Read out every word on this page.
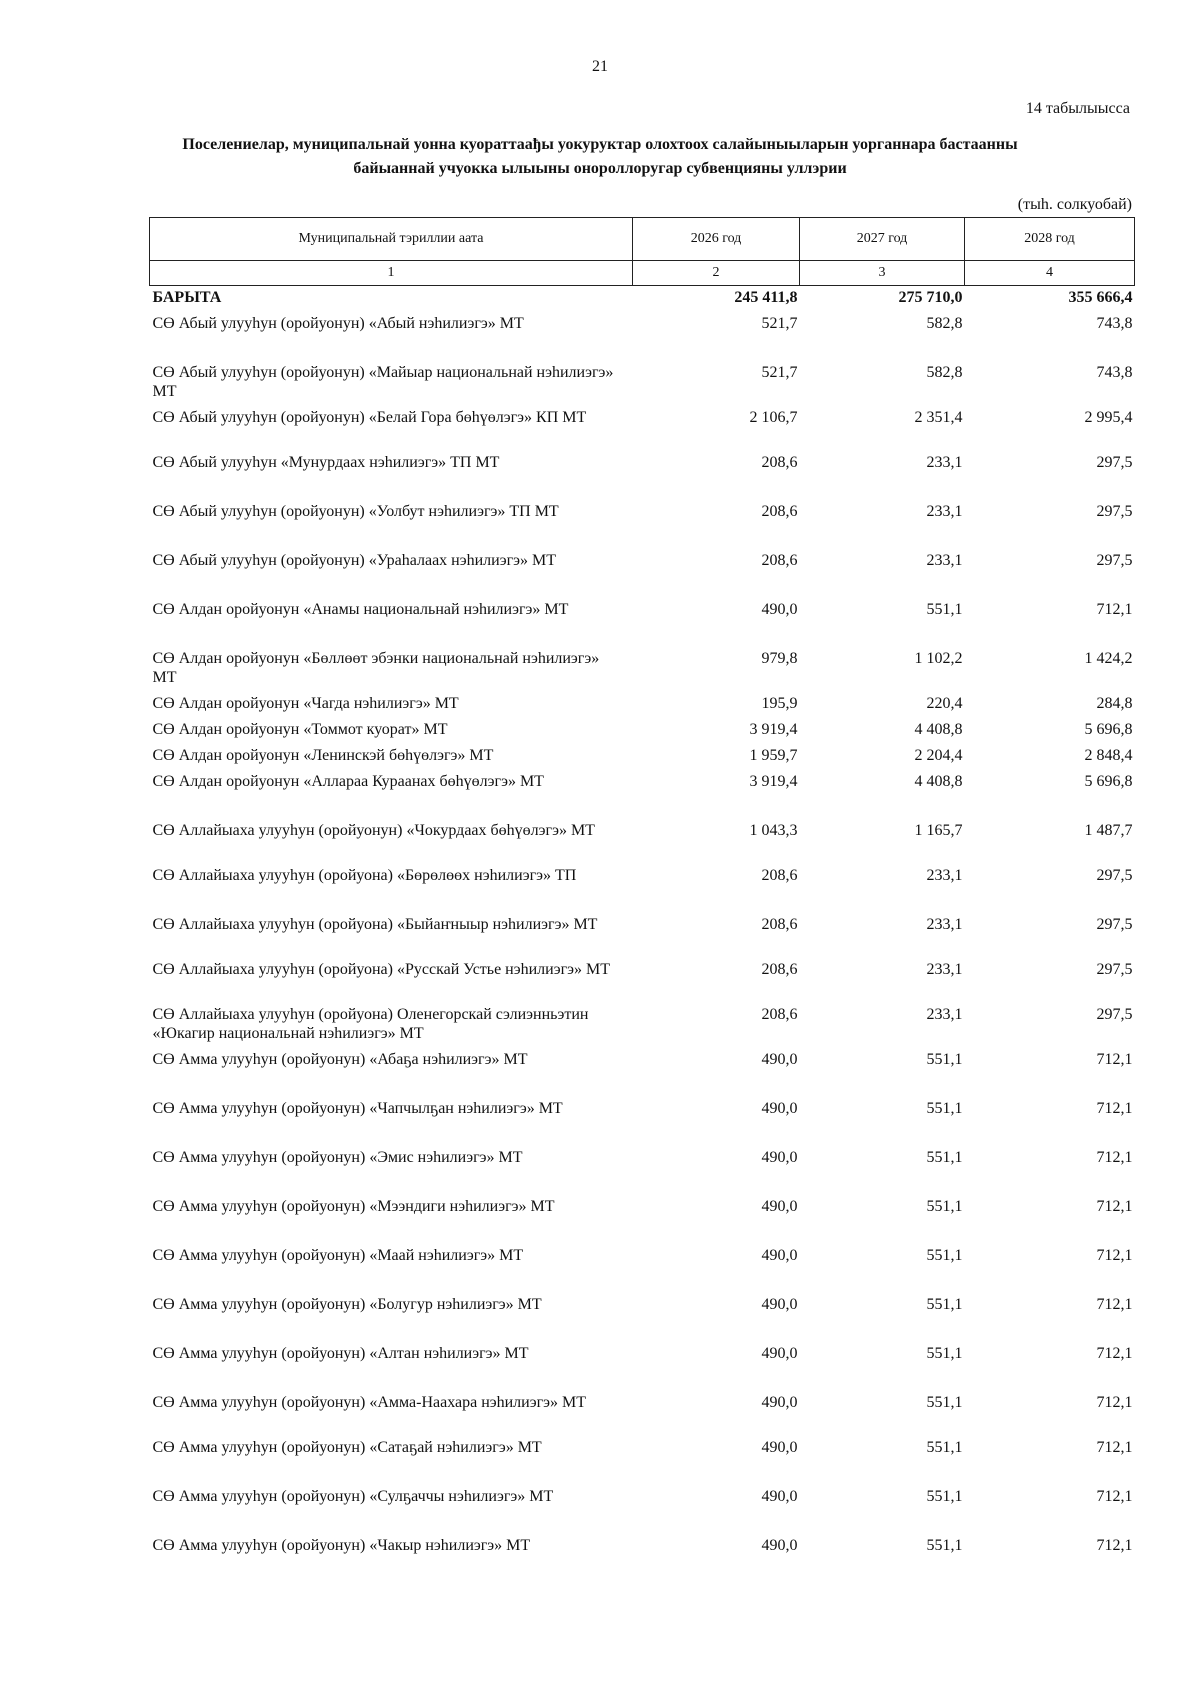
21
14 табылыысса
Поселениелар, муниципальнай уонна куораттаађы уокуруктар олохтоох салайыныыларын уорганнара бастаанны
байыаннай учуокка ылыыны онороллоругар субвенцияны уллэрии
(тыһ. солкуобай)
Муниципальнай тэриллии аата	2026 год	2027 год	2028 год
1	2	3	4
БАРЫТА	245 411,8	275 710,0	355 666,4
СӨ Абый улууһун (оройуонун) «Абый нэһилиэгэ» МТ	521,7	582,8	743,8
СӨ Абый улууһун (оройуонун) «Майыар национальнай нэһилиэгэ» МТ	521,7	582,8	743,8
СӨ Абый улууһун (оройуонун) «Белай Гора бөһүөлэгэ» КП МТ	2 106,7	2 351,4	2 995,4
СӨ Абый улууһун «Мунурдаах нэһилиэгэ» ТП МТ	208,6	233,1	297,5
СӨ Абый улууһун (оройуонун) «Уолбут нэһилиэгэ» ТП МТ	208,6	233,1	297,5
СӨ Абый улууһун (оройуонун) «Ураһалаах нэһилиэгэ» МТ	208,6	233,1	297,5
СӨ Алдан оройуонун «Анамы национальнай нэһилиэгэ» МТ	490,0	551,1	712,1
СӨ Алдан оройуонун «Бөллөөт эбэнки национальнай нэһилиэгэ» МТ	979,8	1 102,2	1 424,2
СӨ Алдан оройуонун «Чагда нэһилиэгэ» МТ	195,9	220,4	284,8
СӨ Алдан оройуонун «Томмот куорат» МТ	3 919,4	4 408,8	5 696,8
СӨ Алдан оройуонун «Ленинскэй бөһүөлэгэ» МТ	1 959,7	2 204,4	2 848,4
СӨ Алдан оройуонун «Аллараа Кураанах бөһүөлэгэ» МТ	3 919,4	4 408,8	5 696,8
СӨ Аллайыаха улууһун (оройуонун) «Чокурдаах бөһүөлэгэ» МТ	1 043,3	1 165,7	1 487,7
СӨ Аллайыаха улууһун (оройуона) «Бөрөлөөх нэһилиэгэ» ТП	208,6	233,1	297,5
СӨ Аллайыаха улууһун (оройуона) «Быйаҥныыр нэһилиэгэ» МТ	208,6	233,1	297,5
СӨ Аллайыаха улууһун (оройуона) «Русскай Устье нэһилиэгэ» МТ	208,6	233,1	297,5
СӨ Аллайыаха улууһун (оройуона) Оленегорскай сэлиэнньэтин «Юкагир национальнай нэһилиэгэ» МТ	208,6	233,1	297,5
СӨ Амма улууһун (оройуонун) «Абаҕа нэһилиэгэ» МТ	490,0	551,1	712,1
СӨ Амма улууһун (оройуонун) «Чапчылҕан нэһилиэгэ» МТ	490,0	551,1	712,1
СӨ Амма улууһун (оройуонун) «Эмис нэһилиэгэ» МТ	490,0	551,1	712,1
СӨ Амма улууһун (оройуонун) «Мээндиги нэһилиэгэ» МТ	490,0	551,1	712,1
СӨ Амма улууһун (оройуонун) «Маай нэһилиэгэ» МТ	490,0	551,1	712,1
СӨ Амма улууһун (оройуонун) «Болугур нэһилиэгэ» МТ	490,0	551,1	712,1
СӨ Амма улууһун (оройуонун) «Алтан нэһилиэгэ» МТ	490,0	551,1	712,1
СӨ Амма улууһун (оройуонун) «Амма-Наахара нэһилиэгэ» МТ	490,0	551,1	712,1
СӨ Амма улууһун (оройуонун) «Сатаҕай нэһилиэгэ» МТ	490,0	551,1	712,1
СӨ Амма улууһун (оройуонун) «Сулҕаччы нэһилиэгэ» МТ	490,0	551,1	712,1
СӨ Амма улууһун (оройуонун) «Чакыр нэһилиэгэ» МТ	490,0	551,1	712,1
